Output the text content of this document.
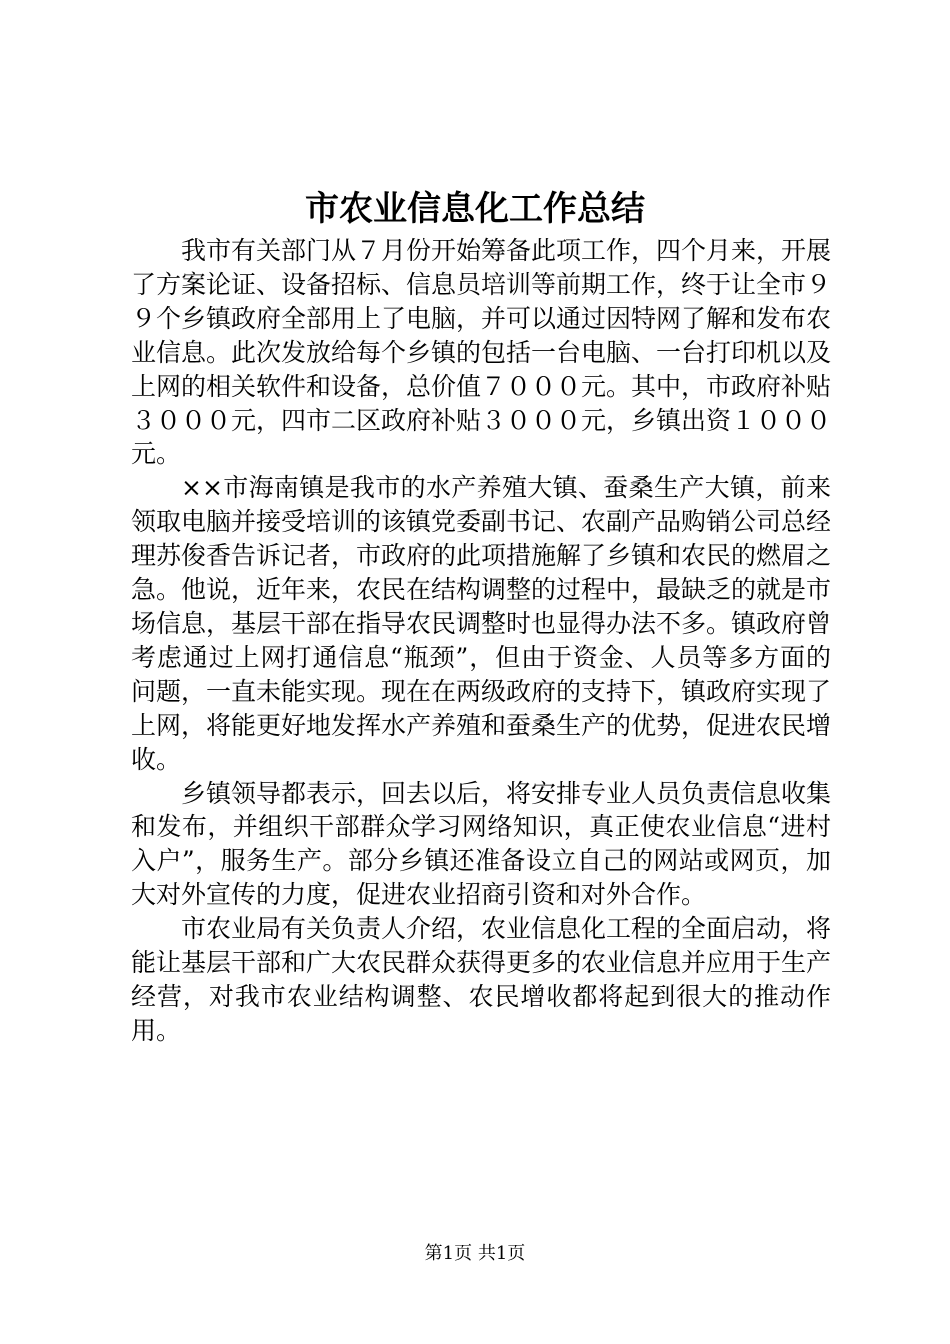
市农业信息化工作总结

我市有关部门从７月份开始筹备此项工作，四个月来，开展了方案论证、设备招标、信息员培训等前期工作，终于让全市９９个乡镇政府全部用上了电脑，并可以通过因特网了解和发布农业信息。此次发放给每个乡镇的包括一台电脑、一台打印机以及上网的相关软件和设备，总价值７０００元。其中，市政府补贴３０００元，四市二区政府补贴３０００元，乡镇出资１０００元。

××市海南镇是我市的水产养殖大镇、蚕桑生产大镇，前来领取电脑并接受培训的该镇党委副书记、农副产品购销公司总经理苏俊香告诉记者，市政府的此项措施解了乡镇和农民的燃眉之急。他说，近年来，农民在结构调整的过程中，最缺乏的就是市场信息，基层干部在指导农民调整时也显得办法不多。镇政府曾考虑通过上网打通信息“瓶颈”，但由于资金、人员等多方面的问题，一直未能实现。现在在两级政府的支持下，镇政府实现了上网，将能更好地发挥水产养殖和蚕桑生产的优势，促进农民增收。

乡镇领导都表示，回去以后，将安排专业人员负责信息收集和发布，并组织干部群众学习网络知识，真正使农业信息“进村入户”，服务生产。部分乡镇还准备设立自己的网站或网页，加大对外宣传的力度，促进农业招商引资和对外合作。

市农业局有关负责人介绍，农业信息化工程的全面启动，将能让基层干部和广大农民群众获得更多的农业信息并应用于生产经营，对我市农业结构调整、农民增收都将起到很大的推动作用。

第1页 共1页
